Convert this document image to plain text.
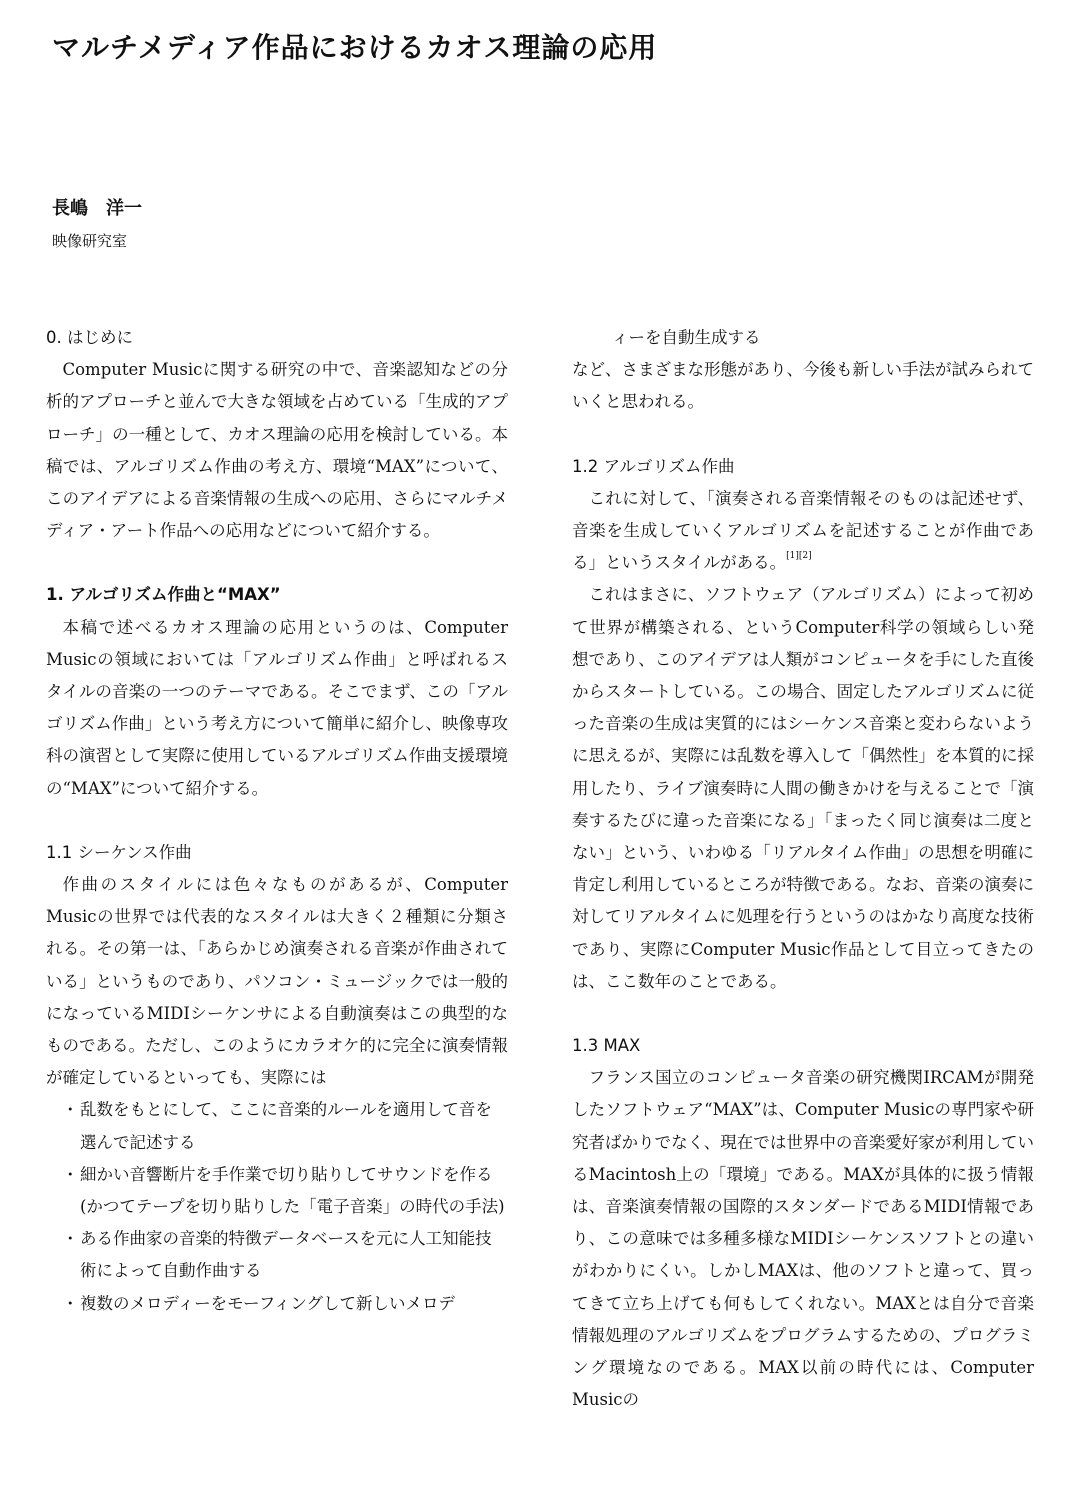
マルチメディア作品におけるカオス理論の応用
長嶋　洋一
映像研究室
0. はじめに

Computer Musicに関する研究の中で、音楽認知などの分析的アプローチと並んで大きな領域を占めている「生成的アプローチ」の一種として、カオス理論の応用を検討している。本稿では、アルゴリズム作曲の考え方、環境“MAX”について、このアイデアによる音楽情報の生成への応用、さらにマルチメディア・アート作品への応用などについて紹介する。

1. アルゴリズム作曲と“MAX”

本稿で述べるカオス理論の応用というのは、Computer Musicの領域においては「アルゴリズム作曲」と呼ばれるスタイルの音楽の一つのテーマである。そこでまず、この「アルゴリズム作曲」という考え方について簡単に紹介し、映像専攻科の演習として実際に使用しているアルゴリズム作曲支援環境の“MAX”について紹介する。

1.1 シーケンス作曲

作曲のスタイルには色々なものがあるが、Computer Musicの世界では代表的なスタイルは大きく２種類に分類される。その第一は、「あらかじめ演奏される音楽が作曲されている」というものであり、パソコン・ミュージックでは一般的になっているMIDIシーケンサによる自動演奏はこの典型的なものである。ただし、このようにカラオケ的に完全に演奏情報が確定しているといっても、実際には

・ 乱数をもとにして、ここに音楽的ルールを適用して音を選んで記述する
・ 細かい音響断片を手作業で切り貼りしてサウンドを作る
(かつてテープを切り貼りした「電子音楽」の時代の手法)
・ ある作曲家の音楽的特徴データベースを元に人工知能技術によって自動作曲する
・ 複数のメロディーをモーフィングして新しいメロデ
ィーを自動生成する

など、さまざまな形態があり、今後も新しい手法が試みられていくと思われる。

1.2 アルゴリズム作曲

これに対して、「演奏される音楽情報そのものは記述せず、音楽を生成していくアルゴリズムを記述することが作曲である」というスタイルがある。[1][2]

これはまさに、ソフトウェア（アルゴリズム）によって初めて世界が構築される、というComputer科学の領域らしい発想であり、このアイデアは人類がコンピュータを手にした直後からスタートしている。この場合、固定したアルゴリズムに従った音楽の生成は実質的にはシーケンス音楽と変わらないように思えるが、実際には乱数を導入して「偶然性」を本質的に採用したり、ライブ演奏時に人間の働きかけを与えることで「演奏するたびに違った音楽になる」「まったく同じ演奏は二度とない」という、いわゆる「リアルタイム作曲」の思想を明確に肯定し利用しているところが特徴である。なお、音楽の演奏に対してリアルタイムに処理を行うというのはかなり高度な技術であり、実際にComputer Music作品として目立ってきたのは、ここ数年のことである。

1.3 MAX

フランス国立のコンピュータ音楽の研究機関IRCAMが開発したソフトウェア“MAX”は、Computer Musicの専門家や研究者ばかりでなく、現在では世界中の音楽愛好家が利用しているMacintosh上の「環境」である。MAXが具体的に扱う情報は、音楽演奏情報の国際的スタンダードであるMIDI情報であり、この意味では多種多様なMIDIシーケンスソフトとの違いがわかりにくい。しかしMAXは、他のソフトと違って、買ってきて立ち上げても何もしてくれない。MAXとは自分で音楽情報処理のアルゴリズムをプログラムするための、プログラミング環境なのである。MAX以前の時代には、Computer Musicの
